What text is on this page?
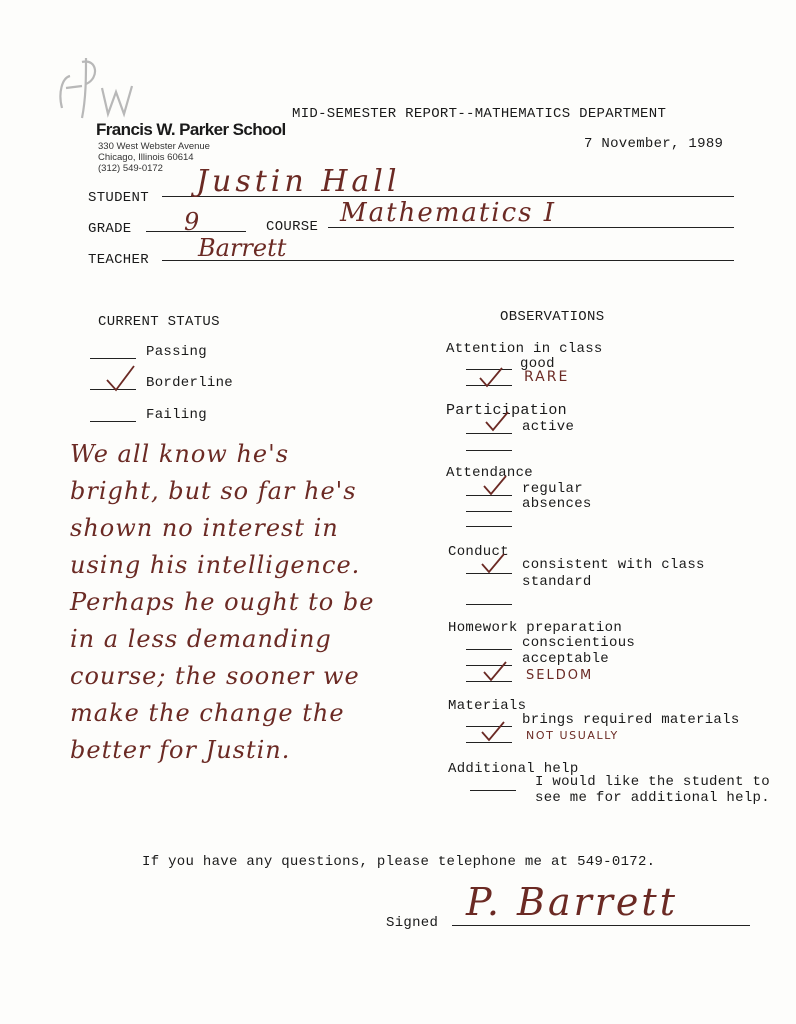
Francis W. Parker School
330 West Webster Avenue
Chicago, Illinois 60614
(312) 549-0172
MID-SEMESTER REPORT--MATHEMATICS DEPARTMENT
7 November, 1989
STUDENT Justin Hall
GRADE 9	COURSE Mathematics I
TEACHER Barrett
CURRENT STATUS
Passing
Borderline
Failing
We all know he's
bright, but so far he's
shown no interest in
using his intelligence.
Perhaps he ought to be
in a less demanding
course; the sooner we
make the change the
better for Justin.
OBSERVATIONS
Attention in class
good
RARE
Participation
active
Attendance
regular
absences
Conduct
consistent with class
standard
Homework preparation
conscientious
acceptable
SELDOM
Materials
brings required materials
NOT USUALLY
Additional help
I would like the student to
see me for additional help.
If you have any questions, please telephone me at 549-0172.
Signed P. Barrett
